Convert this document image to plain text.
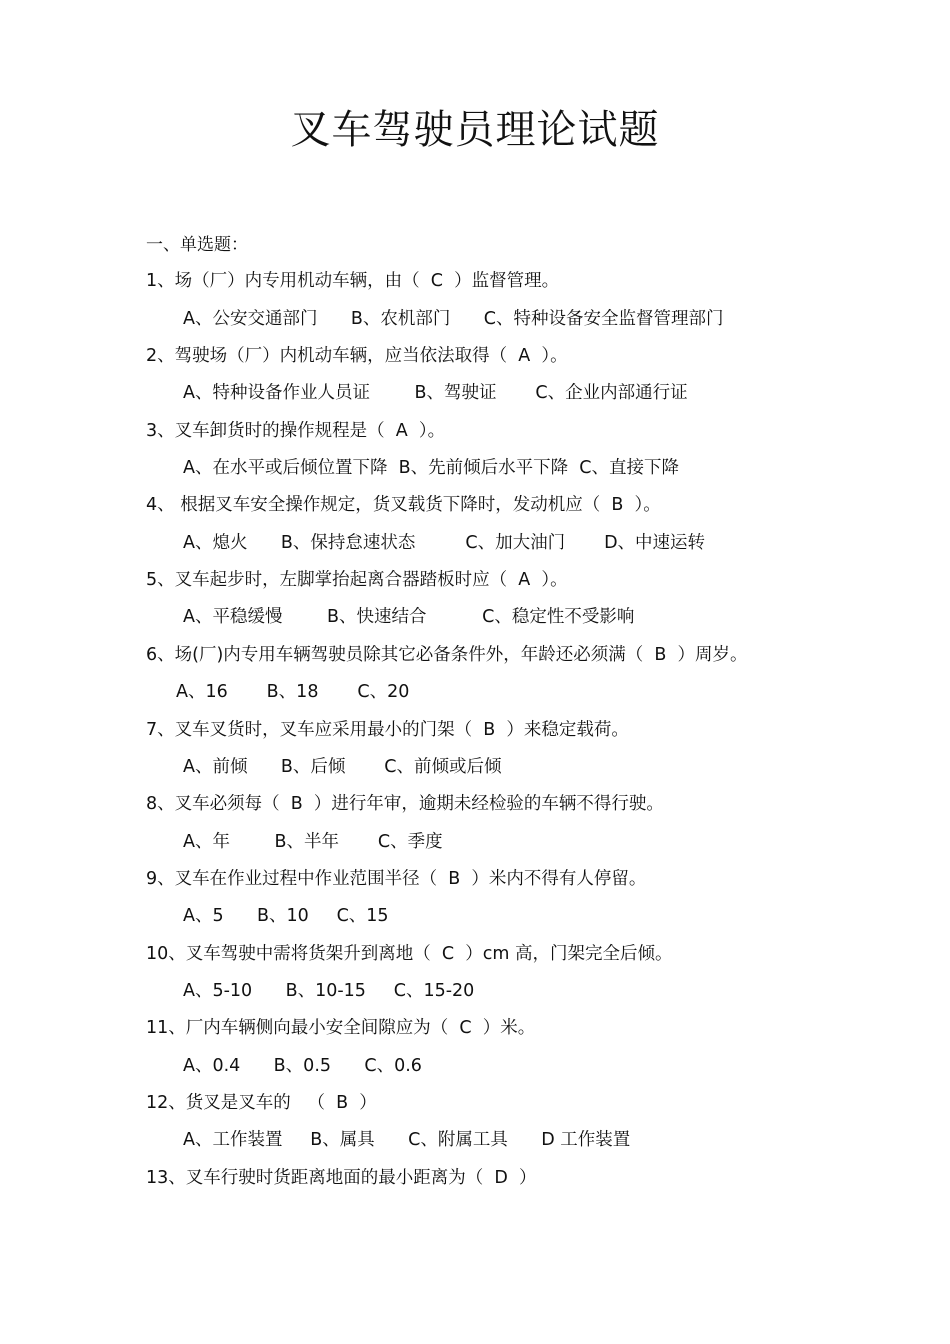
叉车驾驶员理论试题
一、单选题：
1、场（厂）内专用机动车辆，由（  C  ）监督管理。
A、公安交通部门      B、农机部门      C、特种设备安全监督管理部门
2、驾驶场（厂）内机动车辆，应当依法取得（  A  ）。
A、特种设备作业人员证        B、驾驶证       C、企业内部通行证
3、叉车卸货时的操作规程是（  A  ）。
A、在水平或后倾位置下降  B、先前倾后水平下降  C、直接下降
4、 根据叉车安全操作规定，货叉载货下降时，发动机应（  B  ）。
A、熄火      B、保持怠速状态         C、加大油门       D、中速运转
5、叉车起步时，左脚掌抬起离合器踏板时应（  A  ）。
A、平稳缓慢        B、快速结合          C、稳定性不受影响
6、场(厂)内专用车辆驾驶员除其它必备条件外，年龄还必须满（  B  ）周岁。
A、16       B、18       C、20
7、叉车叉货时，叉车应采用最小的门架（  B  ）来稳定载荷。
A、前倾      B、后倾       C、前倾或后倾
8、叉车必须每（  B  ）进行年审，逾期未经检验的车辆不得行驶。
A、年        B、半年       C、季度
9、叉车在作业过程中作业范围半径（  B  ）米内不得有人停留。
A、5      B、10     C、15
10、叉车驾驶中需将货架升到离地（  C  ）cm 高，门架完全后倾。
A、5-10      B、10-15     C、15-20
11、厂内车辆侧向最小安全间隙应为（  C  ）米。
A、0.4      B、0.5      C、0.6
12、货叉是叉车的   （  B  ）
A、工作装置     B、属具      C、附属工具      D 工作装置
13、叉车行驶时货距离地面的最小距离为（  D  ）
